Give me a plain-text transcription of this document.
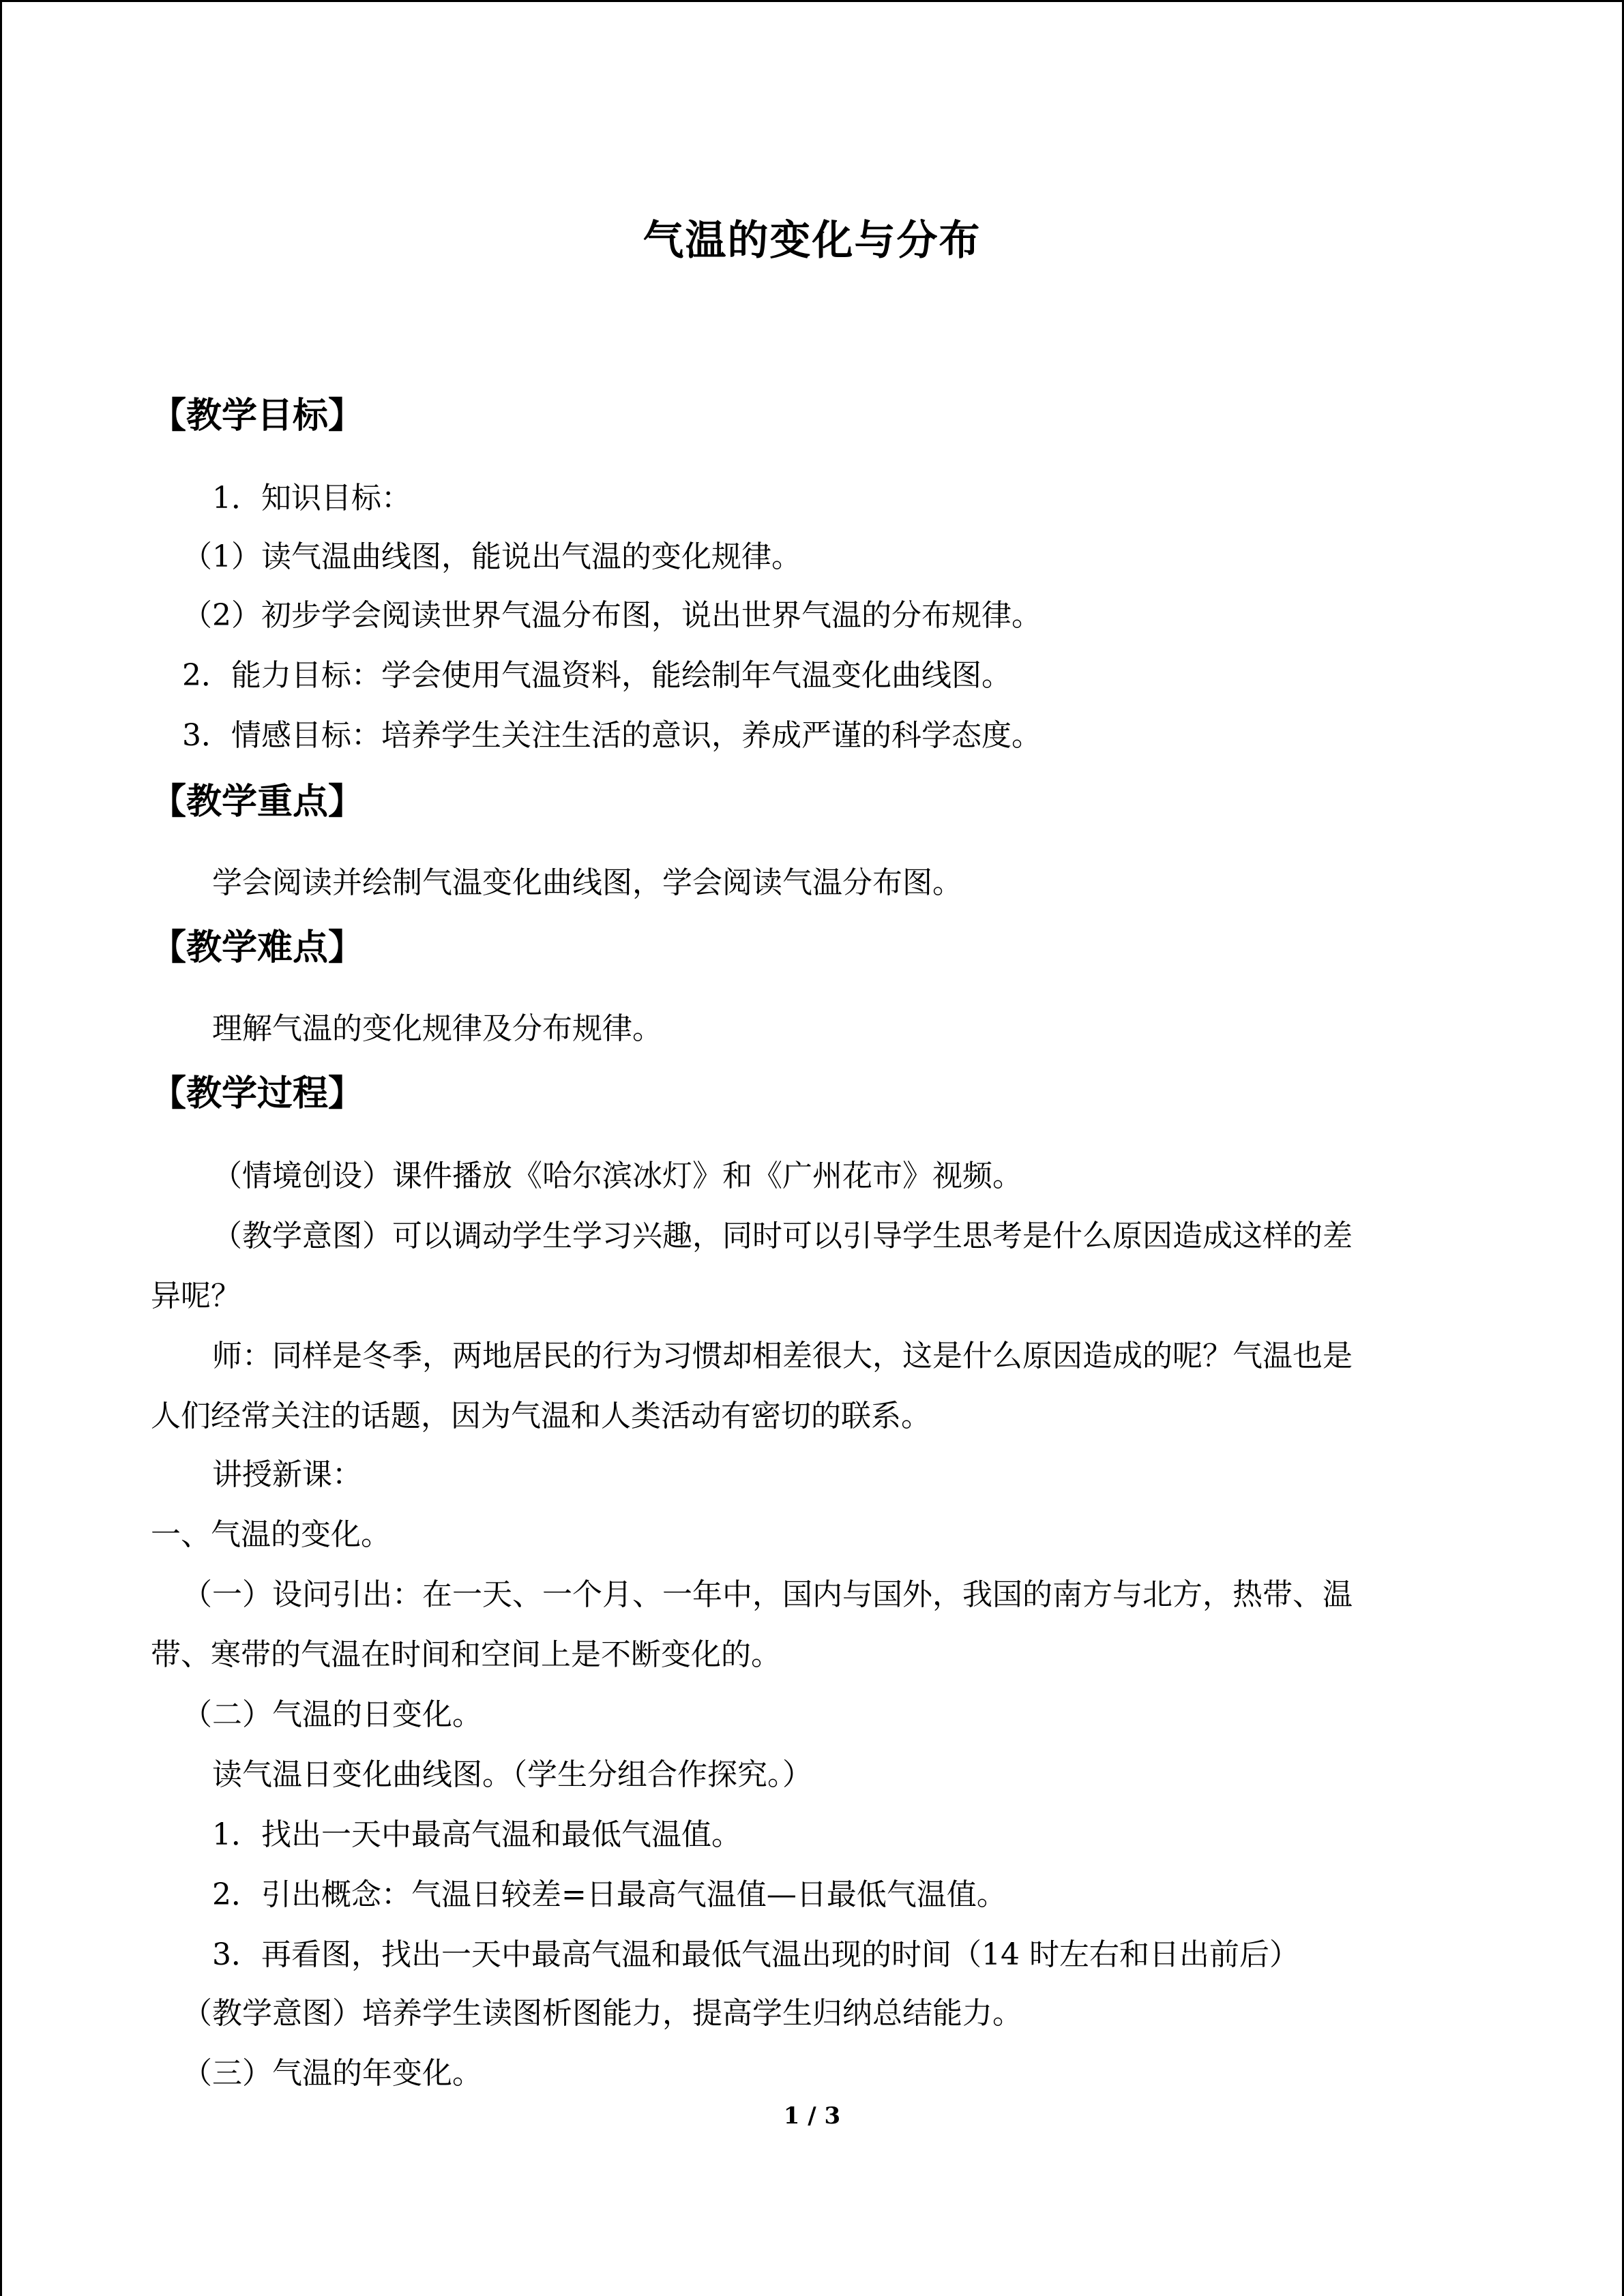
气温的变化与分布
【教学目标】
1．知识目标：
（1）读气温曲线图，能说出气温的变化规律。
（2）初步学会阅读世界气温分布图，说出世界气温的分布规律。
2．能力目标：学会使用气温资料，能绘制年气温变化曲线图。
3．情感目标：培养学生关注生活的意识，养成严谨的科学态度。
【教学重点】
学会阅读并绘制气温变化曲线图，学会阅读气温分布图。
【教学难点】
理解气温的变化规律及分布规律。
【教学过程】
（情境创设）课件播放《哈尔滨冰灯》和《广州花市》视频。
（教学意图）可以调动学生学习兴趣，同时可以引导学生思考是什么原因造成这样的差
异呢？
师：同样是冬季，两地居民的行为习惯却相差很大，这是什么原因造成的呢？气温也是
人们经常关注的话题，因为气温和人类活动有密切的联系。
讲授新课：
一、气温的变化。
（一）设问引出：在一天、一个月、一年中，国内与国外，我国的南方与北方，热带、温
带、寒带的气温在时间和空间上是不断变化的。
（二）气温的日变化。
读气温日变化曲线图。（学生分组合作探究。）
1．找出一天中最高气温和最低气温值。
2．引出概念：气温日较差=日最高气温值—日最低气温值。
3．再看图，找出一天中最高气温和最低气温出现的时间（14 时左右和日出前后）
（教学意图）培养学生读图析图能力，提高学生归纳总结能力。
（三）气温的年变化。
1 / 3
